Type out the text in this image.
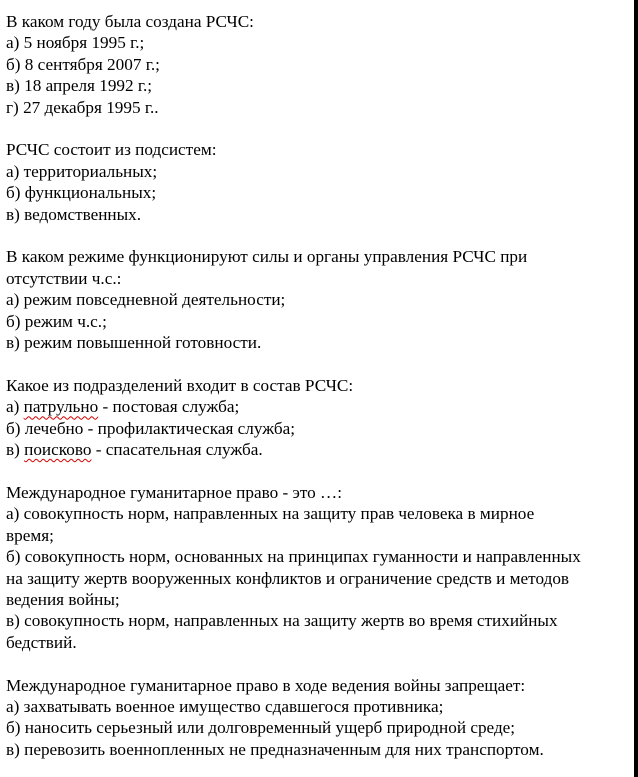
В каком году была создана РСЧС:
а) 5 ноября 1995 г.;
б) 8 сентября 2007 г.;
в) 18 апреля 1992 г.;
г) 27 декабря 1995 г..
РСЧС состоит из подсистем:
а) территориальных;
б) функциональных;
в) ведомственных.
В каком режиме функционируют силы и органы управления РСЧС при
отсутствии ч.с.:
а) режим повседневной деятельности;
б) режим ч.с.;
в) режим повышенной готовности.
Какое из подразделений входит в состав РСЧС:
а) патрульно - постовая служба;
б) лечебно - профилактическая служба;
в) поисково - спасательная служба.
Международное гуманитарное право - это …:
а) совокупность норм, направленных на защиту прав человека в мирное
время;
б) совокупность норм, основанных на принципах гуманности и направленных
на защиту жертв вооруженных конфликтов и ограничение средств и методов
ведения войны;
в) совокупность норм, направленных на защиту жертв во время стихийных
бедствий.
Международное гуманитарное право в ходе ведения войны запрещает:
а) захватывать военное имущество сдавшегося противника;
б) наносить серьезный или долговременный ущерб природной среде;
в) перевозить военнопленных не предназначенным для них транспортом.
